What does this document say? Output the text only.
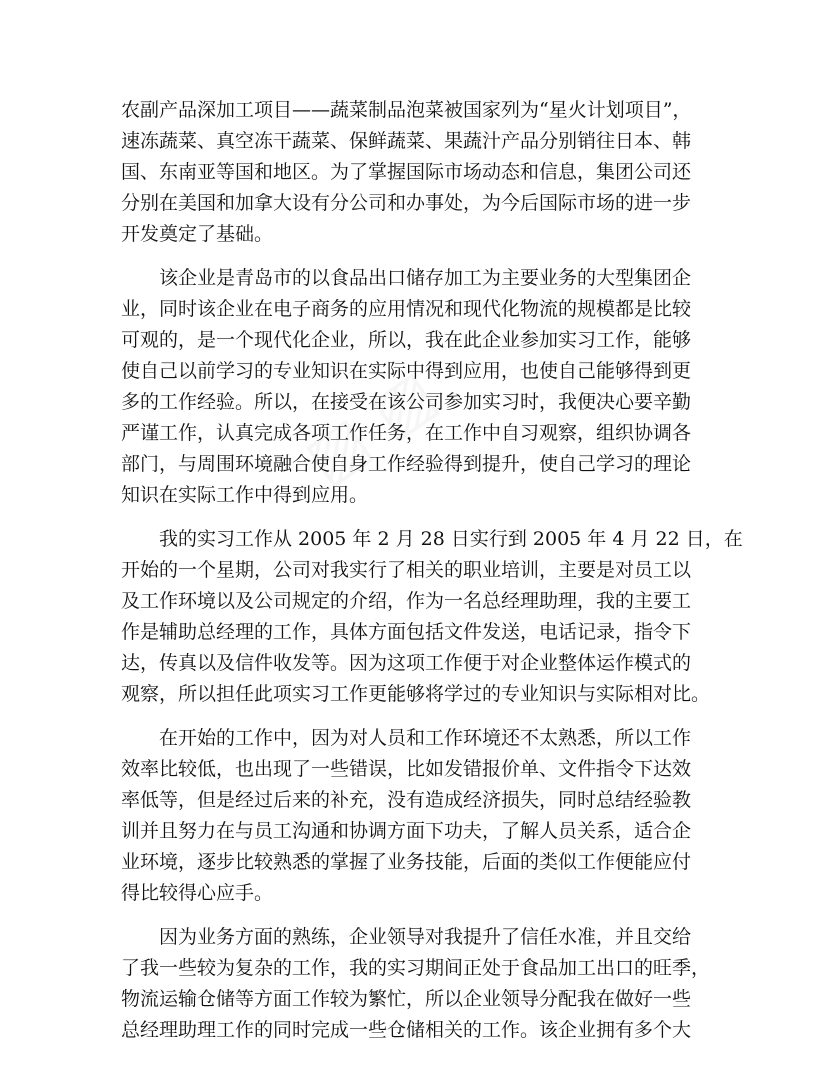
农副产品深加工项目——蔬菜制品泡菜被国家列为“星火计划项目”，
速冻蔬菜、真空冻干蔬菜、保鲜蔬菜、果蔬汁产品分别销往日本、韩
国、东南亚等国和地区。为了掌握国际市场动态和信息，集团公司还
分别在美国和加拿大设有分公司和办事处，为今后国际市场的进一步
开发奠定了基础。
该企业是青岛市的以食品出口储存加工为主要业务的大型集团企
业，同时该企业在电子商务的应用情况和现代化物流的规模都是比较
可观的，是一个现代化企业，所以，我在此企业参加实习工作，能够
使自己以前学习的专业知识在实际中得到应用，也使自己能够得到更
多的工作经验。所以，在接受在该公司参加实习时，我便决心要辛勤
严谨工作，认真完成各项工作任务，在工作中自习观察，组织协调各
部门，与周围环境融合使自身工作经验得到提升，使自己学习的理论
知识在实际工作中得到应用。
我的实习工作从 2005 年 2 月 28 日实行到 2005 年 4 月 22 日，在
开始的一个星期，公司对我实行了相关的职业培训，主要是对员工以
及工作环境以及公司规定的介绍，作为一名总经理助理，我的主要工
作是辅助总经理的工作，具体方面包括文件发送，电话记录，指令下
达，传真以及信件收发等。因为这项工作便于对企业整体运作模式的
观察，所以担任此项实习工作更能够将学过的专业知识与实际相对比。
在开始的工作中，因为对人员和工作环境还不太熟悉，所以工作
效率比较低，也出现了一些错误，比如发错报价单、文件指令下达效
率低等，但是经过后来的补充，没有造成经济损失，同时总结经验教
训并且努力在与员工沟通和协调方面下功夫，了解人员关系，适合企
业环境，逐步比较熟悉的掌握了业务技能，后面的类似工作便能应付
得比较得心应手。
因为业务方面的熟练，企业领导对我提升了信任水准，并且交给
了我一些较为复杂的工作，我的实习期间正处于食品加工出口的旺季，
物流运输仓储等方面工作较为繁忙，所以企业领导分配我在做好一些
总经理助理工作的同时完成一些仓储相关的工作。该企业拥有多个大
